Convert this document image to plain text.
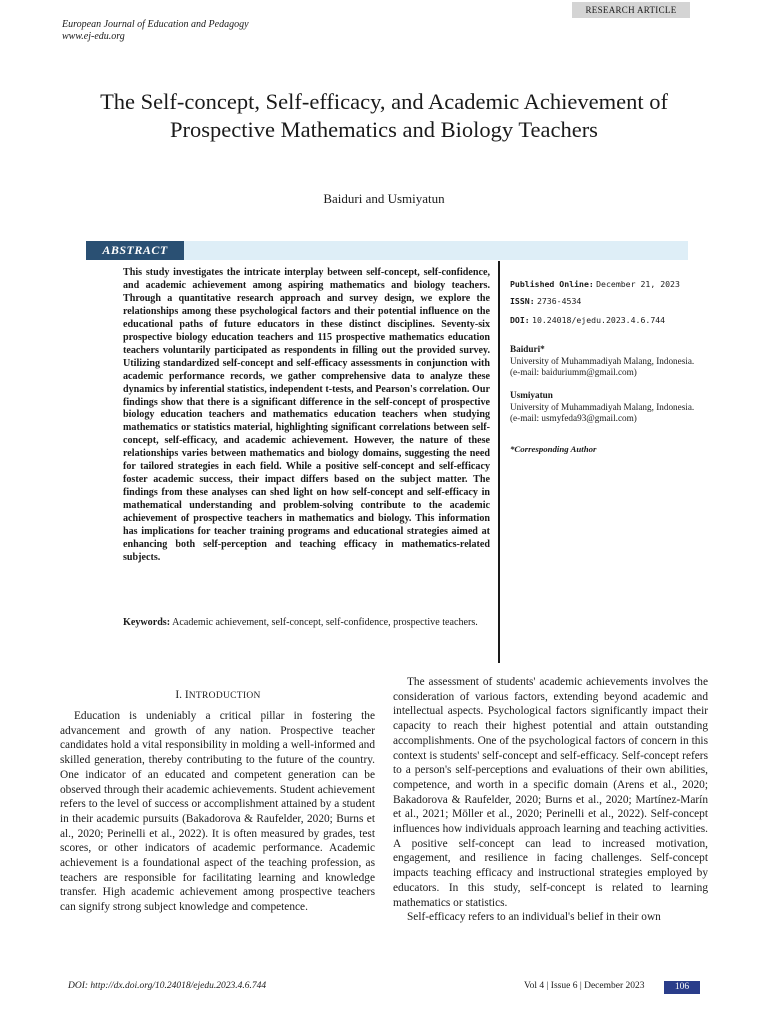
RESEARCH ARTICLE
European Journal of Education and Pedagogy
www.ej-edu.org
The Self-concept, Self-efficacy, and Academic Achievement of Prospective Mathematics and Biology Teachers
Baiduri and Usmiyatun
ABSTRACT
This study investigates the intricate interplay between self-concept, self-confidence, and academic achievement among aspiring mathematics and biology teachers. Through a quantitative research approach and survey design, we explore the relationships among these psychological factors and their potential influence on the educational paths of future educators in these distinct disciplines. Seventy-six prospective biology education teachers and 115 prospective mathematics education teachers voluntarily participated as respondents in filling out the provided survey. Utilizing standardized self-concept and self-efficacy assessments in conjunction with academic performance records, we gather comprehensive data to analyze these dynamics by inferential statistics, independent t-tests, and Pearson's correlation. Our findings show that there is a significant difference in the self-concept of prospective biology education teachers and mathematics education teachers when studying mathematics or statistics material, highlighting significant correlations between self-concept, self-efficacy, and academic achievement. However, the nature of these relationships varies between mathematics and biology domains, suggesting the need for tailored strategies in each field. While a positive self-concept and self-efficacy foster academic success, their impact differs based on the subject matter. The findings from these analyses can shed light on how self-concept and self-efficacy in mathematical understanding and problem-solving contribute to the academic achievement of prospective teachers in mathematics and biology. This information has implications for teacher training programs and educational strategies aimed at enhancing both self-perception and teaching efficacy in mathematics-related subjects.
Keywords: Academic achievement, self-concept, self-confidence, prospective teachers.
Published Online: December 21, 2023
ISSN: 2736-4534
DOI: 10.24018/ejedu.2023.4.6.744
Baiduri*
University of Muhammadiyah Malang, Indonesia.
(e-mail: baiduriumm@gmail.com)
Usmiyatun
University of Muhammadiyah Malang, Indonesia.
(e-mail: usmyfeda93@gmail.com)
*Corresponding Author
I. INTRODUCTION

Education is undeniably a critical pillar in fostering the advancement and growth of any nation. Prospective teacher candidates hold a vital responsibility in molding a well-informed and skilled generation, thereby contributing to the future of the country. One indicator of an educated and competent generation can be observed through their academic achievements. Student achievement refers to the level of success or accomplishment attained by a student in their academic pursuits (Bakadorova & Raufelder, 2020; Burns et al., 2020; Perinelli et al., 2022). It is often measured by grades, test scores, or other indicators of academic performance. Academic achievement is a foundational aspect of the teaching profession, as teachers are responsible for facilitating learning and knowledge transfer. High academic achievement among prospective teachers can signify strong subject knowledge and competence.

The assessment of students' academic achievements involves the consideration of various factors, extending beyond academic and intellectual aspects. Psychological factors significantly impact their capacity to reach their highest potential and attain outstanding accomplishments. One of the psychological factors of concern in this context is students' self-concept and self-efficacy. Self-concept refers to a person's self-perceptions and evaluations of their own abilities, competence, and worth in a specific domain (Arens et al., 2020; Bakadorova & Raufelder, 2020; Burns et al., 2020; Martínez-Marín et al., 2021; Möller et al., 2020; Perinelli et al., 2022). Self-concept influences how individuals approach learning and teaching activities. A positive self-concept can lead to increased motivation, engagement, and resilience in facing challenges. Self-concept impacts teaching efficacy and instructional strategies employed by educators. In this study, self-concept is related to learning mathematics or statistics.

Self-efficacy refers to an individual's belief in their own

DOI: http://dx.doi.org/10.24018/ejedu.2023.4.6.744	Vol 4 | Issue 6 | December 2023	106
